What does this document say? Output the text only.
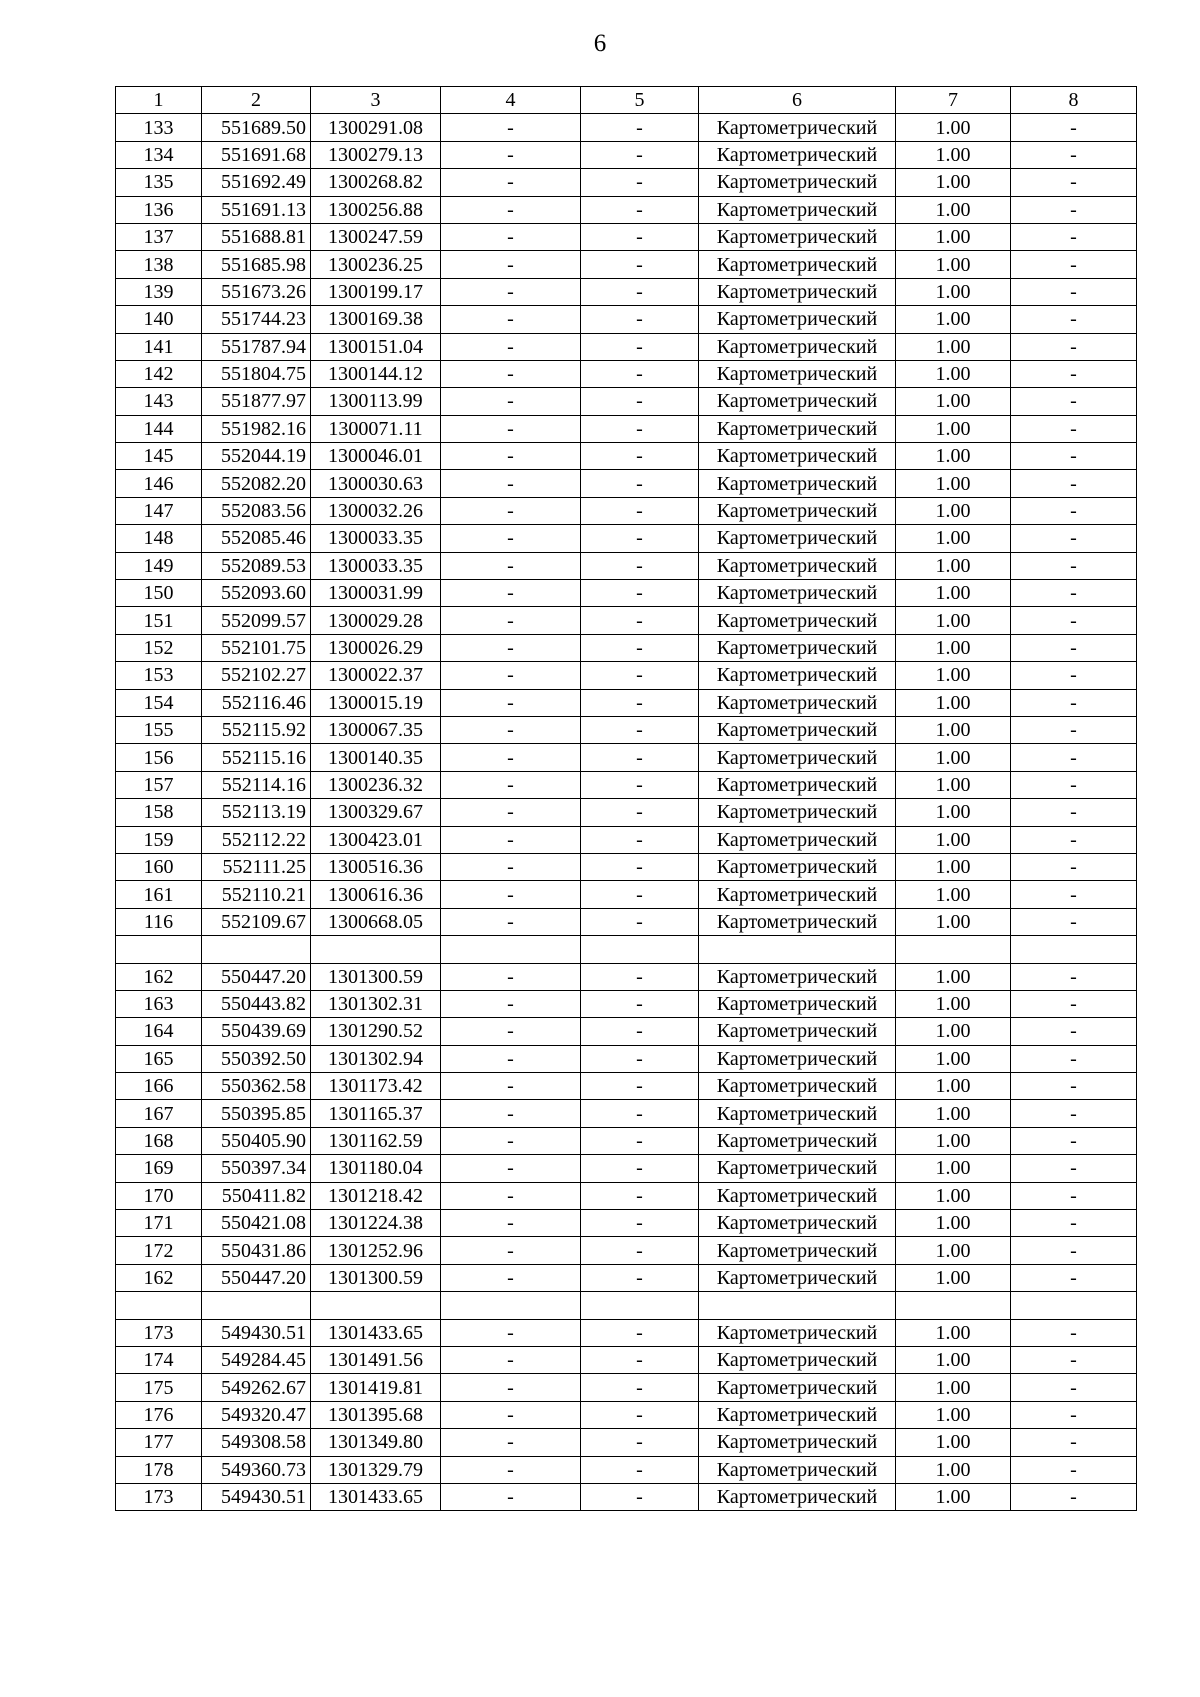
6
1	2	3	4	5	6	7	8
133	551689.50	1300291.08	-	-	Картометрический	1.00	-
134	551691.68	1300279.13	-	-	Картометрический	1.00	-
135	551692.49	1300268.82	-	-	Картометрический	1.00	-
136	551691.13	1300256.88	-	-	Картометрический	1.00	-
137	551688.81	1300247.59	-	-	Картометрический	1.00	-
138	551685.98	1300236.25	-	-	Картометрический	1.00	-
139	551673.26	1300199.17	-	-	Картометрический	1.00	-
140	551744.23	1300169.38	-	-	Картометрический	1.00	-
141	551787.94	1300151.04	-	-	Картометрический	1.00	-
142	551804.75	1300144.12	-	-	Картометрический	1.00	-
143	551877.97	1300113.99	-	-	Картометрический	1.00	-
144	551982.16	1300071.11	-	-	Картометрический	1.00	-
145	552044.19	1300046.01	-	-	Картометрический	1.00	-
146	552082.20	1300030.63	-	-	Картометрический	1.00	-
147	552083.56	1300032.26	-	-	Картометрический	1.00	-
148	552085.46	1300033.35	-	-	Картометрический	1.00	-
149	552089.53	1300033.35	-	-	Картометрический	1.00	-
150	552093.60	1300031.99	-	-	Картометрический	1.00	-
151	552099.57	1300029.28	-	-	Картометрический	1.00	-
152	552101.75	1300026.29	-	-	Картометрический	1.00	-
153	552102.27	1300022.37	-	-	Картометрический	1.00	-
154	552116.46	1300015.19	-	-	Картометрический	1.00	-
155	552115.92	1300067.35	-	-	Картометрический	1.00	-
156	552115.16	1300140.35	-	-	Картометрический	1.00	-
157	552114.16	1300236.32	-	-	Картометрический	1.00	-
158	552113.19	1300329.67	-	-	Картометрический	1.00	-
159	552112.22	1300423.01	-	-	Картометрический	1.00	-
160	552111.25	1300516.36	-	-	Картометрический	1.00	-
161	552110.21	1300616.36	-	-	Картометрический	1.00	-
116	552109.67	1300668.05	-	-	Картометрический	1.00	-

162	550447.20	1301300.59	-	-	Картометрический	1.00	-
163	550443.82	1301302.31	-	-	Картометрический	1.00	-
164	550439.69	1301290.52	-	-	Картометрический	1.00	-
165	550392.50	1301302.94	-	-	Картометрический	1.00	-
166	550362.58	1301173.42	-	-	Картометрический	1.00	-
167	550395.85	1301165.37	-	-	Картометрический	1.00	-
168	550405.90	1301162.59	-	-	Картометрический	1.00	-
169	550397.34	1301180.04	-	-	Картометрический	1.00	-
170	550411.82	1301218.42	-	-	Картометрический	1.00	-
171	550421.08	1301224.38	-	-	Картометрический	1.00	-
172	550431.86	1301252.96	-	-	Картометрический	1.00	-
162	550447.20	1301300.59	-	-	Картометрический	1.00	-

173	549430.51	1301433.65	-	-	Картометрический	1.00	-
174	549284.45	1301491.56	-	-	Картометрический	1.00	-
175	549262.67	1301419.81	-	-	Картометрический	1.00	-
176	549320.47	1301395.68	-	-	Картометрический	1.00	-
177	549308.58	1301349.80	-	-	Картометрический	1.00	-
178	549360.73	1301329.79	-	-	Картометрический	1.00	-
173	549430.51	1301433.65	-	-	Картометрический	1.00	-
